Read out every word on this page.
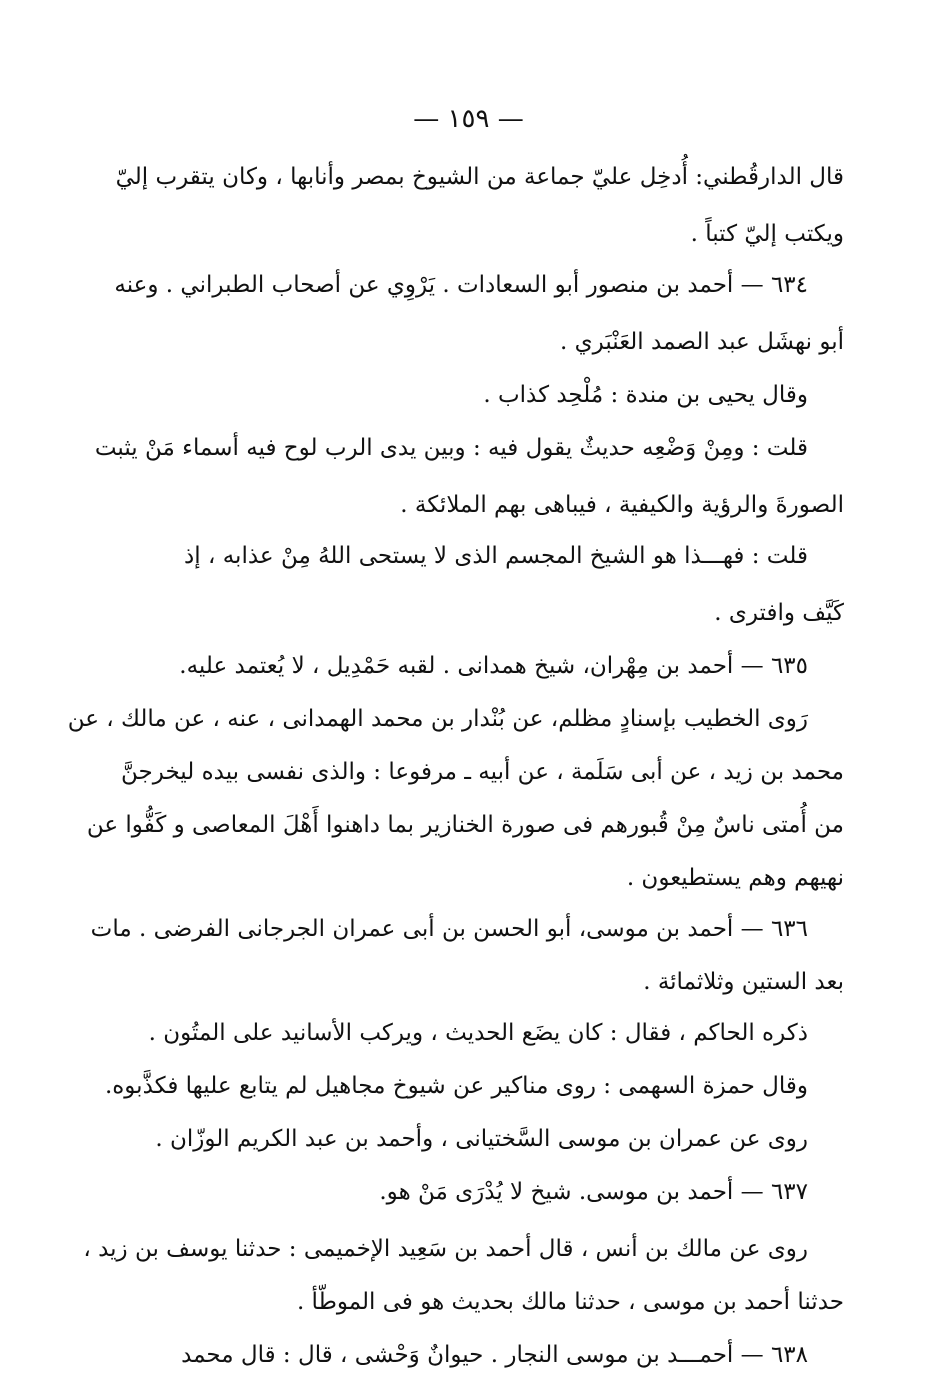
— ١٥٩ —
قال الدارقُطني: أُدخِل عليّ جماعة من الشيوخ بمصر وأنابها ، وكان يتقرب إليّ
ويكتب إليّ كتباً .
٦٣٤ — أحمد بن منصور أبو السعادات . يَرْوِي عن أصحاب الطبراني . وعنه
أبو نهشَل عبد الصمد العَنْبَري .
وقال يحيى بن مندة : مُلْحِد كذاب .
قلت : ومِنْ وَضْعِه حديثٌ يقول فيه : وبين يدى الرب لوح فيه أسماء مَنْ يثبت
الصورةَ والرؤية والكيفية ، فيباهى بهم الملائكة .
قلت : فهـــذا هو الشيخ المجسم الذى لا يستحى اللهُ مِنْ عذابه ، إذ
كَيَّف وافترى .
٦٣٥ — أحمد بن مِهْران، شيخ همدانى . لقبه حَمْدِيل ، لا يُعتمد عليه.
رَوى الخطيب بإسنادٍ مظلم، عن بُنْدار بن محمد الهمدانى ، عنه ، عن مالك ، عن
محمد بن زيد ، عن أبى سَلَمة ، عن أبيه ـ مرفوعا : والذى نفسى بيده ليخرجنَّ
من أُمتى ناسٌ مِنْ قُبورهم فى صورة الخنازير بما داهنوا أَهْلَ المعاصى و كَفُّوا عن
نهيهم وهم يستطيعون .
٦٣٦ — أحمد بن موسى، أبو الحسن بن أبى عمران الجرجانى الفرضى . مات
بعد الستين وثلاثمائة .
ذكره الحاكم ، فقال : كان يضَع الحديث ، ويركب الأسانيد على المتُون .
وقال حمزة السهمى : روى مناكير عن شيوخ مجاهيل لم يتابع عليها فكذَّبوه.
روى عن عمران بن موسى السَّختيانى ، وأحمد بن عبد الكريم الوزّان .
٦٣٧ — أحمد بن موسى. شيخ لا يُدْرَى مَنْ هو.
روى عن مالك بن أنس ، قال أحمد بن سَعِيد الإخميمى : حدثنا يوسف بن زيد ،
حدثنا أحمد بن موسى ، حدثنا مالك بحديث هو فى الموطّأ .
٦٣٨ — أحمـــد بن موسى النجار . حيوانٌ وَحْشى ، قال : قال محمد
